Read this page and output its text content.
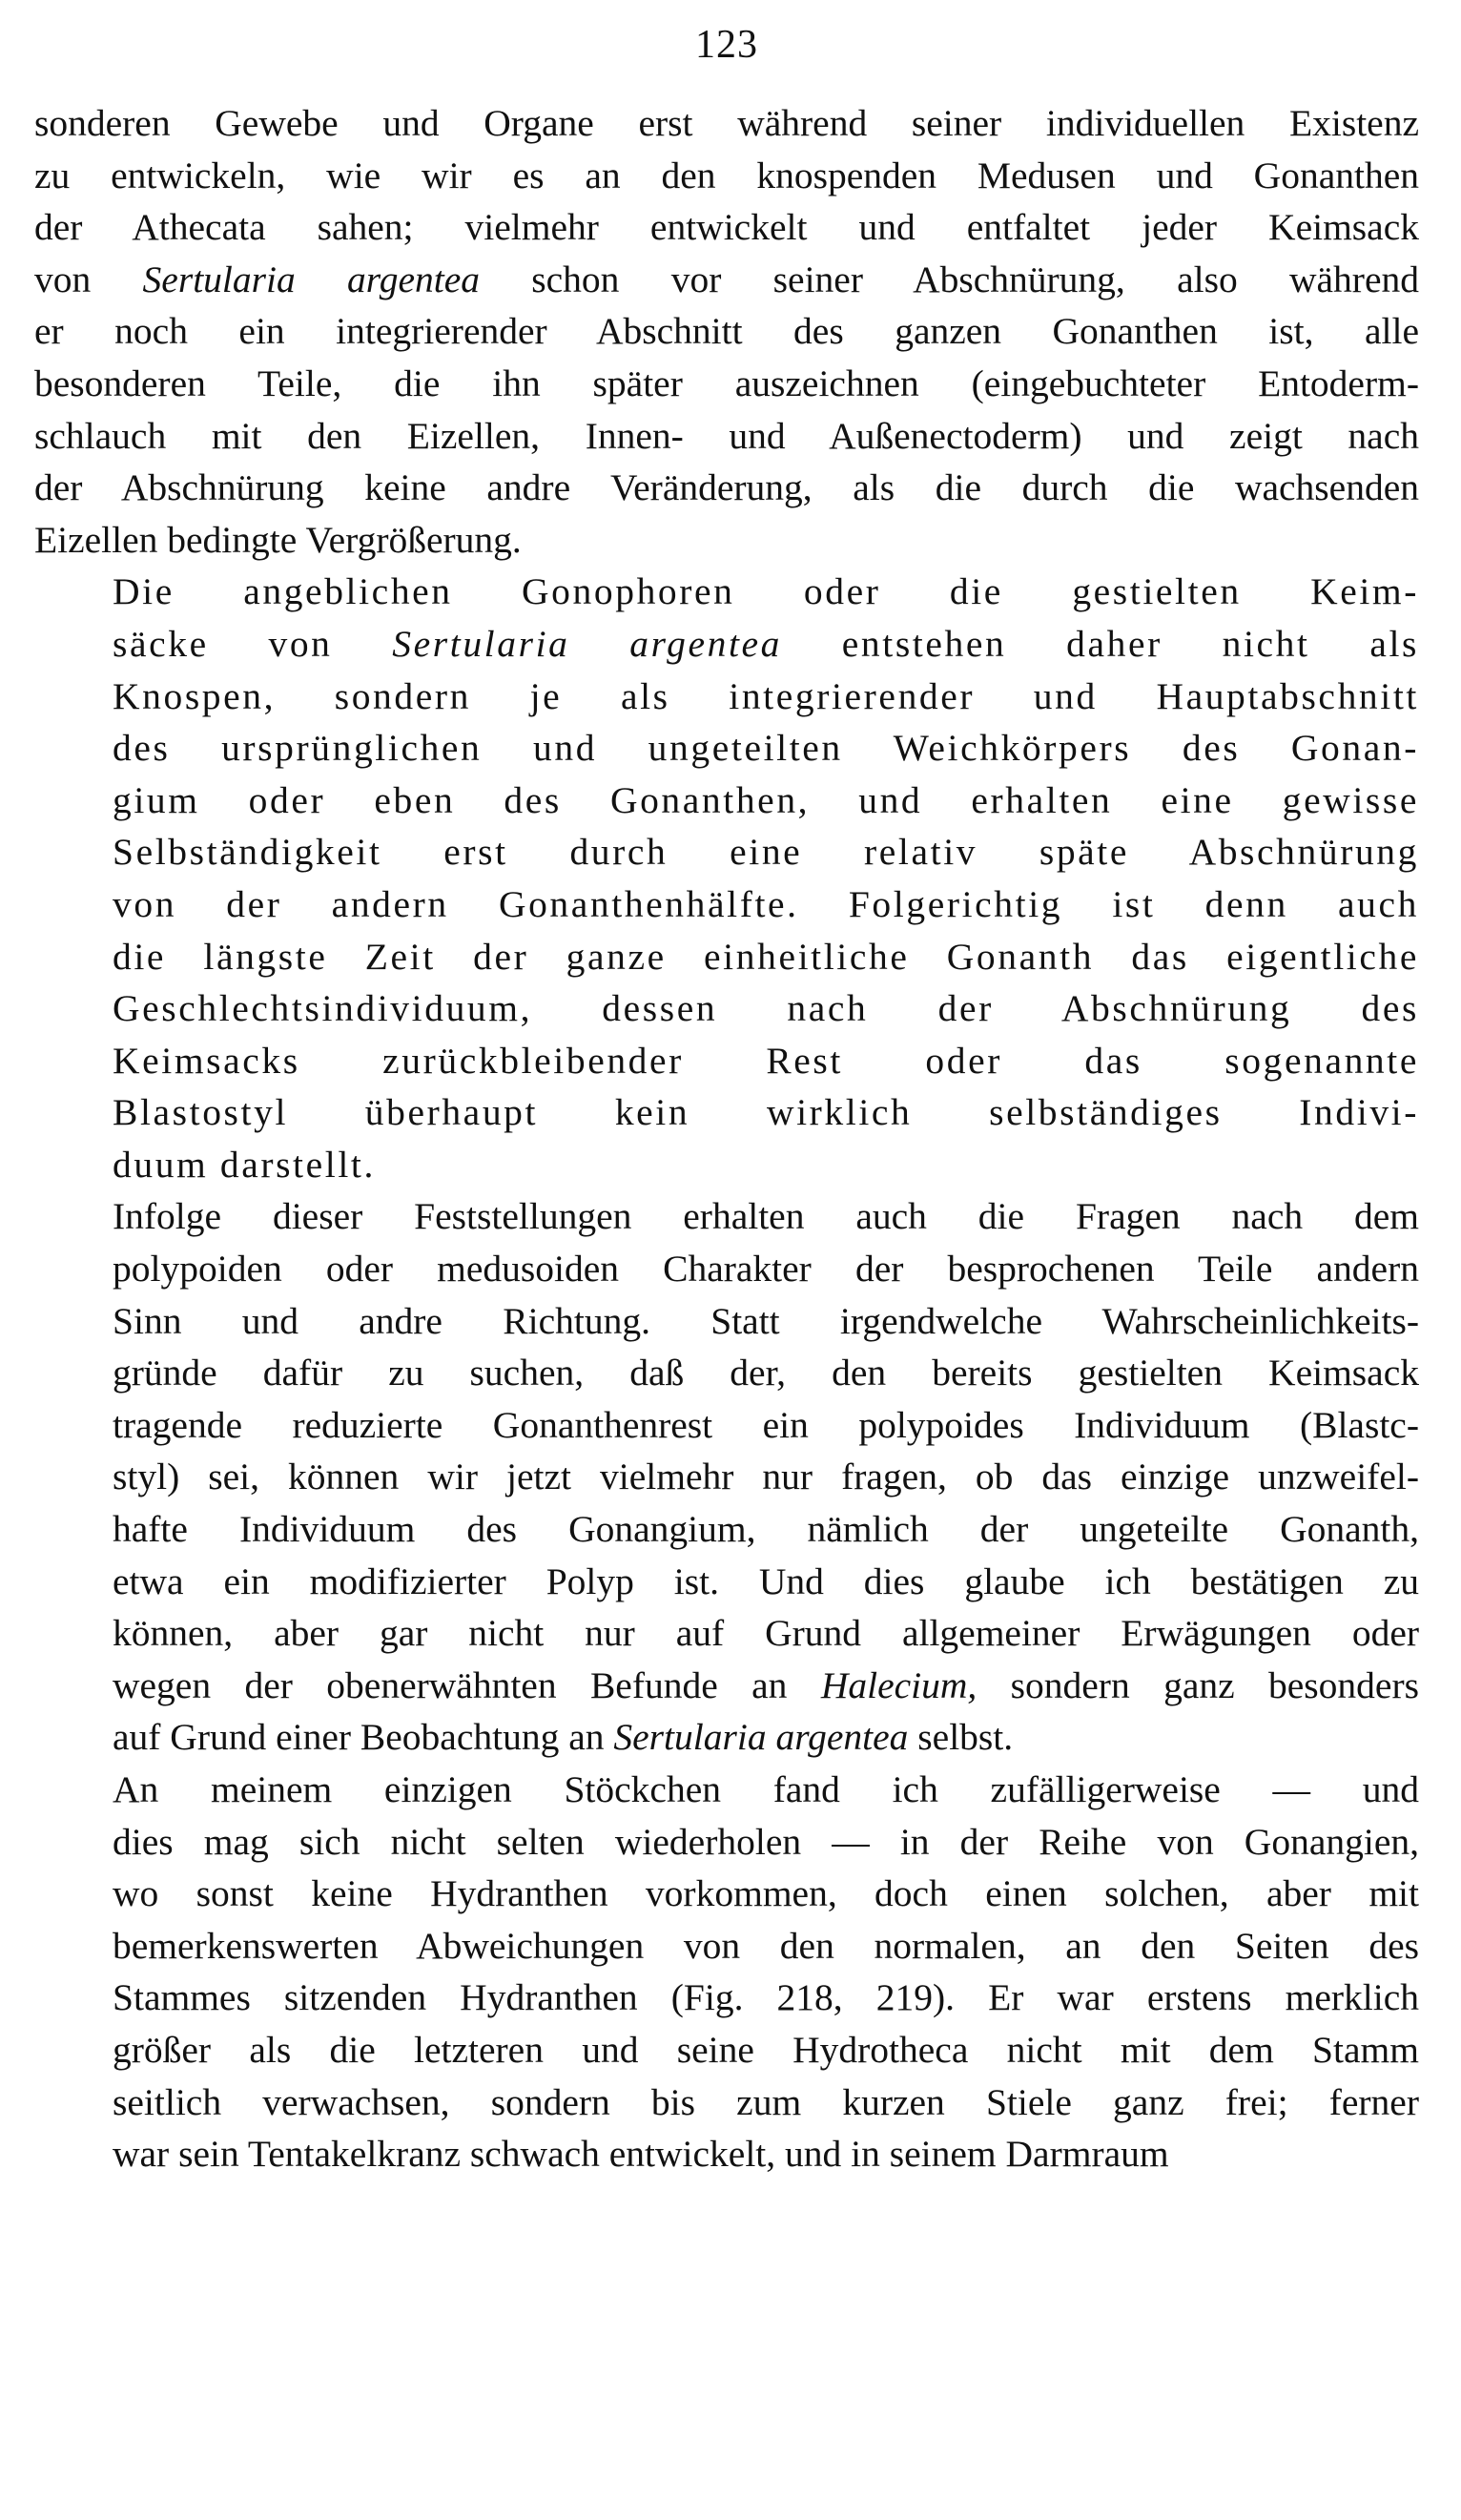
123

sonderen Gewebe und Organe erst während seiner individuellen Existenz
zu entwickeln, wie wir es an den knospenden Medusen und Gonanthen
der Athecata sahen; vielmehr entwickelt und entfaltet jeder Keimsack
von Sertularia argentea schon vor seiner Abschnürung, also während
er noch ein integrierender Abschnitt des ganzen Gonanthen ist, alle
besonderen Teile, die ihn später auszeichnen (eingebuchteter Entoderm-
schlauch mit den Eizellen, Innen- und Außenectoderm) und zeigt nach
der Abschnürung keine andre Veränderung, als die durch die wachsenden
Eizellen bedingte Vergrößerung.

Die angeblichen Gonophoren oder die gestielten Keim-
säcke von Sertularia argentea entstehen daher nicht als
Knospen, sondern je als integrierender und Hauptabschnitt
des ursprünglichen und ungeteilten Weichkörpers des Gonan-
gium oder eben des Gonanthen, und erhalten eine gewisse
Selbständigkeit erst durch eine relativ späte Abschnürung
von der andern Gonanthenhälfte. Folgerichtig ist denn auch
die längste Zeit der ganze einheitliche Gonanth das eigentliche
Geschlechtsindividuum, dessen nach der Abschnürung des
Keimsacks zurückbleibender Rest oder das sogenannte
Blastostyl überhaupt kein wirklich selbständiges Indivi-
duum darstellt.

Infolge dieser Feststellungen erhalten auch die Fragen nach dem
polypoiden oder medusoiden Charakter der besprochenen Teile andern
Sinn und andre Richtung. Statt irgendwelche Wahrscheinlichkeits-
gründe dafür zu suchen, daß der, den bereits gestielten Keimsack
tragende reduzierte Gonanthenrest ein polypoides Individuum (Blastc-
styl) sei, können wir jetzt vielmehr nur fragen, ob das einzige unzweifel-
hafte Individuum des Gonangium, nämlich der ungeteilte Gonanth,
etwa ein modifizierter Polyp ist. Und dies glaube ich bestätigen zu
können, aber gar nicht nur auf Grund allgemeiner Erwägungen oder
wegen der obenerwähnten Befunde an Halecium, sondern ganz besonders
auf Grund einer Beobachtung an Sertularia argentea selbst.

An meinem einzigen Stöckchen fand ich zufälligerweise — und
dies mag sich nicht selten wiederholen — in der Reihe von Gonangien,
wo sonst keine Hydranthen vorkommen, doch einen solchen, aber mit
bemerkenswerten Abweichungen von den normalen, an den Seiten des
Stammes sitzenden Hydranthen (Fig. 218, 219). Er war erstens merklich
größer als die letzteren und seine Hydrotheca nicht mit dem Stamm
seitlich verwachsen, sondern bis zum kurzen Stiele ganz frei; ferner
war sein Tentakelkranz schwach entwickelt, und in seinem Darmraum
